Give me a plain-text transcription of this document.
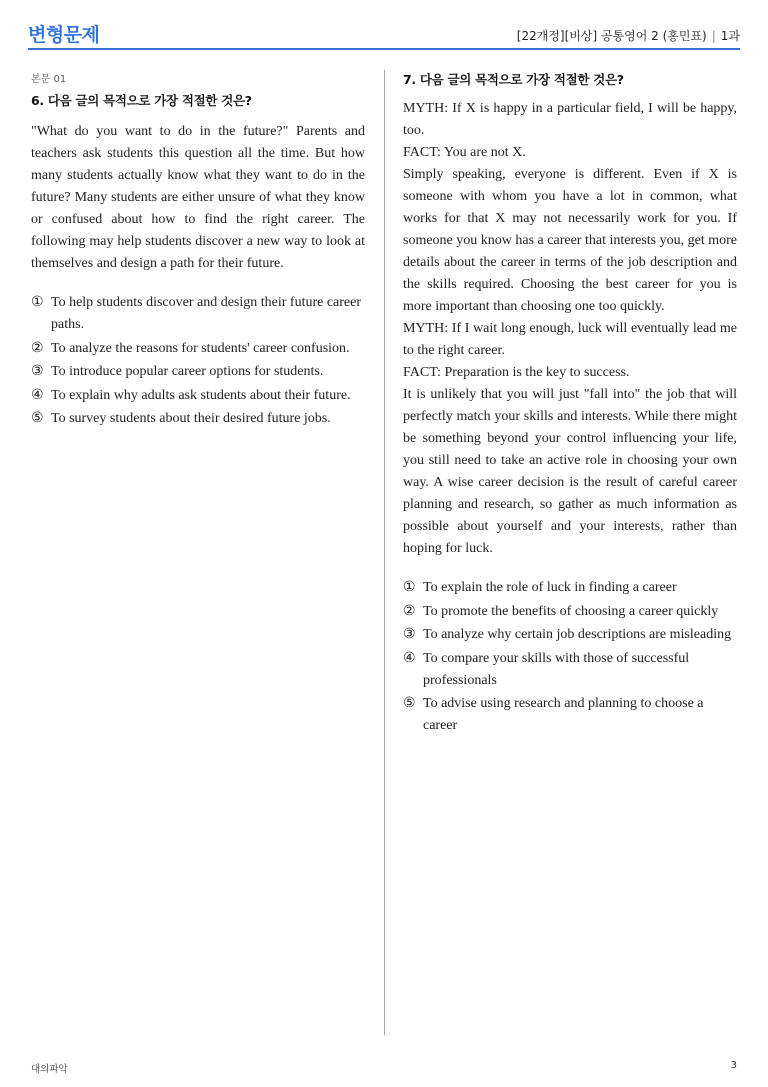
변형문제	[22개정][비상] 공통영어 2 (홍민표) | 1과
본문 01
6. 다음 글의 목적으로 가장 적절한 것은?

"What do you want to do in the future?" Parents and teachers ask students this question all the time. But how many students actually know what they want to do in the future? Many students are either unsure of what they know or confused about how to find the right career. The following may help students discover a new way to look at themselves and design a path for their future.

① To help students discover and design their future career paths.
② To analyze the reasons for students' career confusion.
③ To introduce popular career options for students.
④ To explain why adults ask students about their future.
⑤ To survey students about their desired future jobs.
7. 다음 글의 목적으로 가장 적절한 것은?

MYTH: If X is happy in a particular field, I will be happy, too.

FACT: You are not X.

Simply speaking, everyone is different. Even if X is someone with whom you have a lot in common, what works for that X may not necessarily work for you. If someone you know has a career that interests you, get more details about the career in terms of the job description and the skills required. Choosing the best career for you is more important than choosing one too quickly.

MYTH: If I wait long enough, luck will eventually lead me to the right career.

FACT: Preparation is the key to success.

It is unlikely that you will just "fall into" the job that will perfectly match your skills and interests. While there might be something beyond your control influencing your life, you still need to take an active role in choosing your own way. A wise career decision is the result of careful career planning and research, so gather as much information as possible about yourself and your interests, rather than hoping for luck.

① To explain the role of luck in finding a career
② To promote the benefits of choosing a career quickly
③ To analyze why certain job descriptions are misleading
④ To compare your skills with those of successful professionals
⑤ To advise using research and planning to choose a career
대의파악	3
